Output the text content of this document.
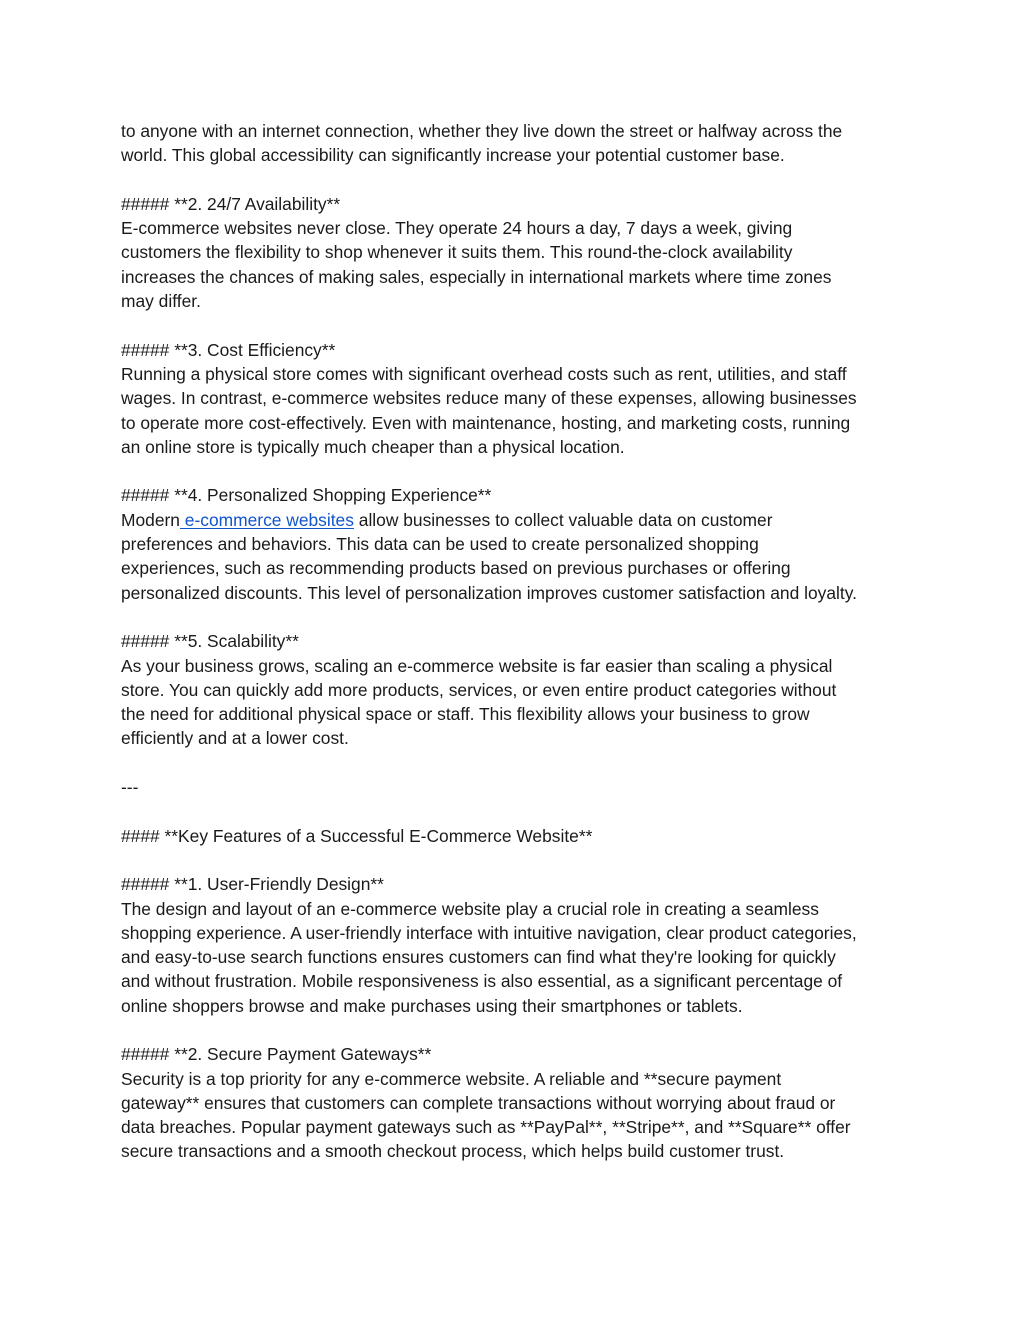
to anyone with an internet connection, whether they live down the street or halfway across the
world. This global accessibility can significantly increase your potential customer base.
##### **2. 24/7 Availability**
E-commerce websites never close. They operate 24 hours a day, 7 days a week, giving
customers the flexibility to shop whenever it suits them. This round-the-clock availability
increases the chances of making sales, especially in international markets where time zones
may differ.
##### **3. Cost Efficiency**
Running a physical store comes with significant overhead costs such as rent, utilities, and staff
wages. In contrast, e-commerce websites reduce many of these expenses, allowing businesses
to operate more cost-effectively. Even with maintenance, hosting, and marketing costs, running
an online store is typically much cheaper than a physical location.
##### **4. Personalized Shopping Experience**
Modern e-commerce websites allow businesses to collect valuable data on customer
preferences and behaviors. This data can be used to create personalized shopping
experiences, such as recommending products based on previous purchases or offering
personalized discounts. This level of personalization improves customer satisfaction and loyalty.
##### **5. Scalability**
As your business grows, scaling an e-commerce website is far easier than scaling a physical
store. You can quickly add more products, services, or even entire product categories without
the need for additional physical space or staff. This flexibility allows your business to grow
efficiently and at a lower cost.
---
#### **Key Features of a Successful E-Commerce Website**
##### **1. User-Friendly Design**
The design and layout of an e-commerce website play a crucial role in creating a seamless
shopping experience. A user-friendly interface with intuitive navigation, clear product categories,
and easy-to-use search functions ensures customers can find what they're looking for quickly
and without frustration. Mobile responsiveness is also essential, as a significant percentage of
online shoppers browse and make purchases using their smartphones or tablets.
##### **2. Secure Payment Gateways**
Security is a top priority for any e-commerce website. A reliable and **secure payment
gateway** ensures that customers can complete transactions without worrying about fraud or
data breaches. Popular payment gateways such as **PayPal**, **Stripe**, and **Square** offer
secure transactions and a smooth checkout process, which helps build customer trust.
